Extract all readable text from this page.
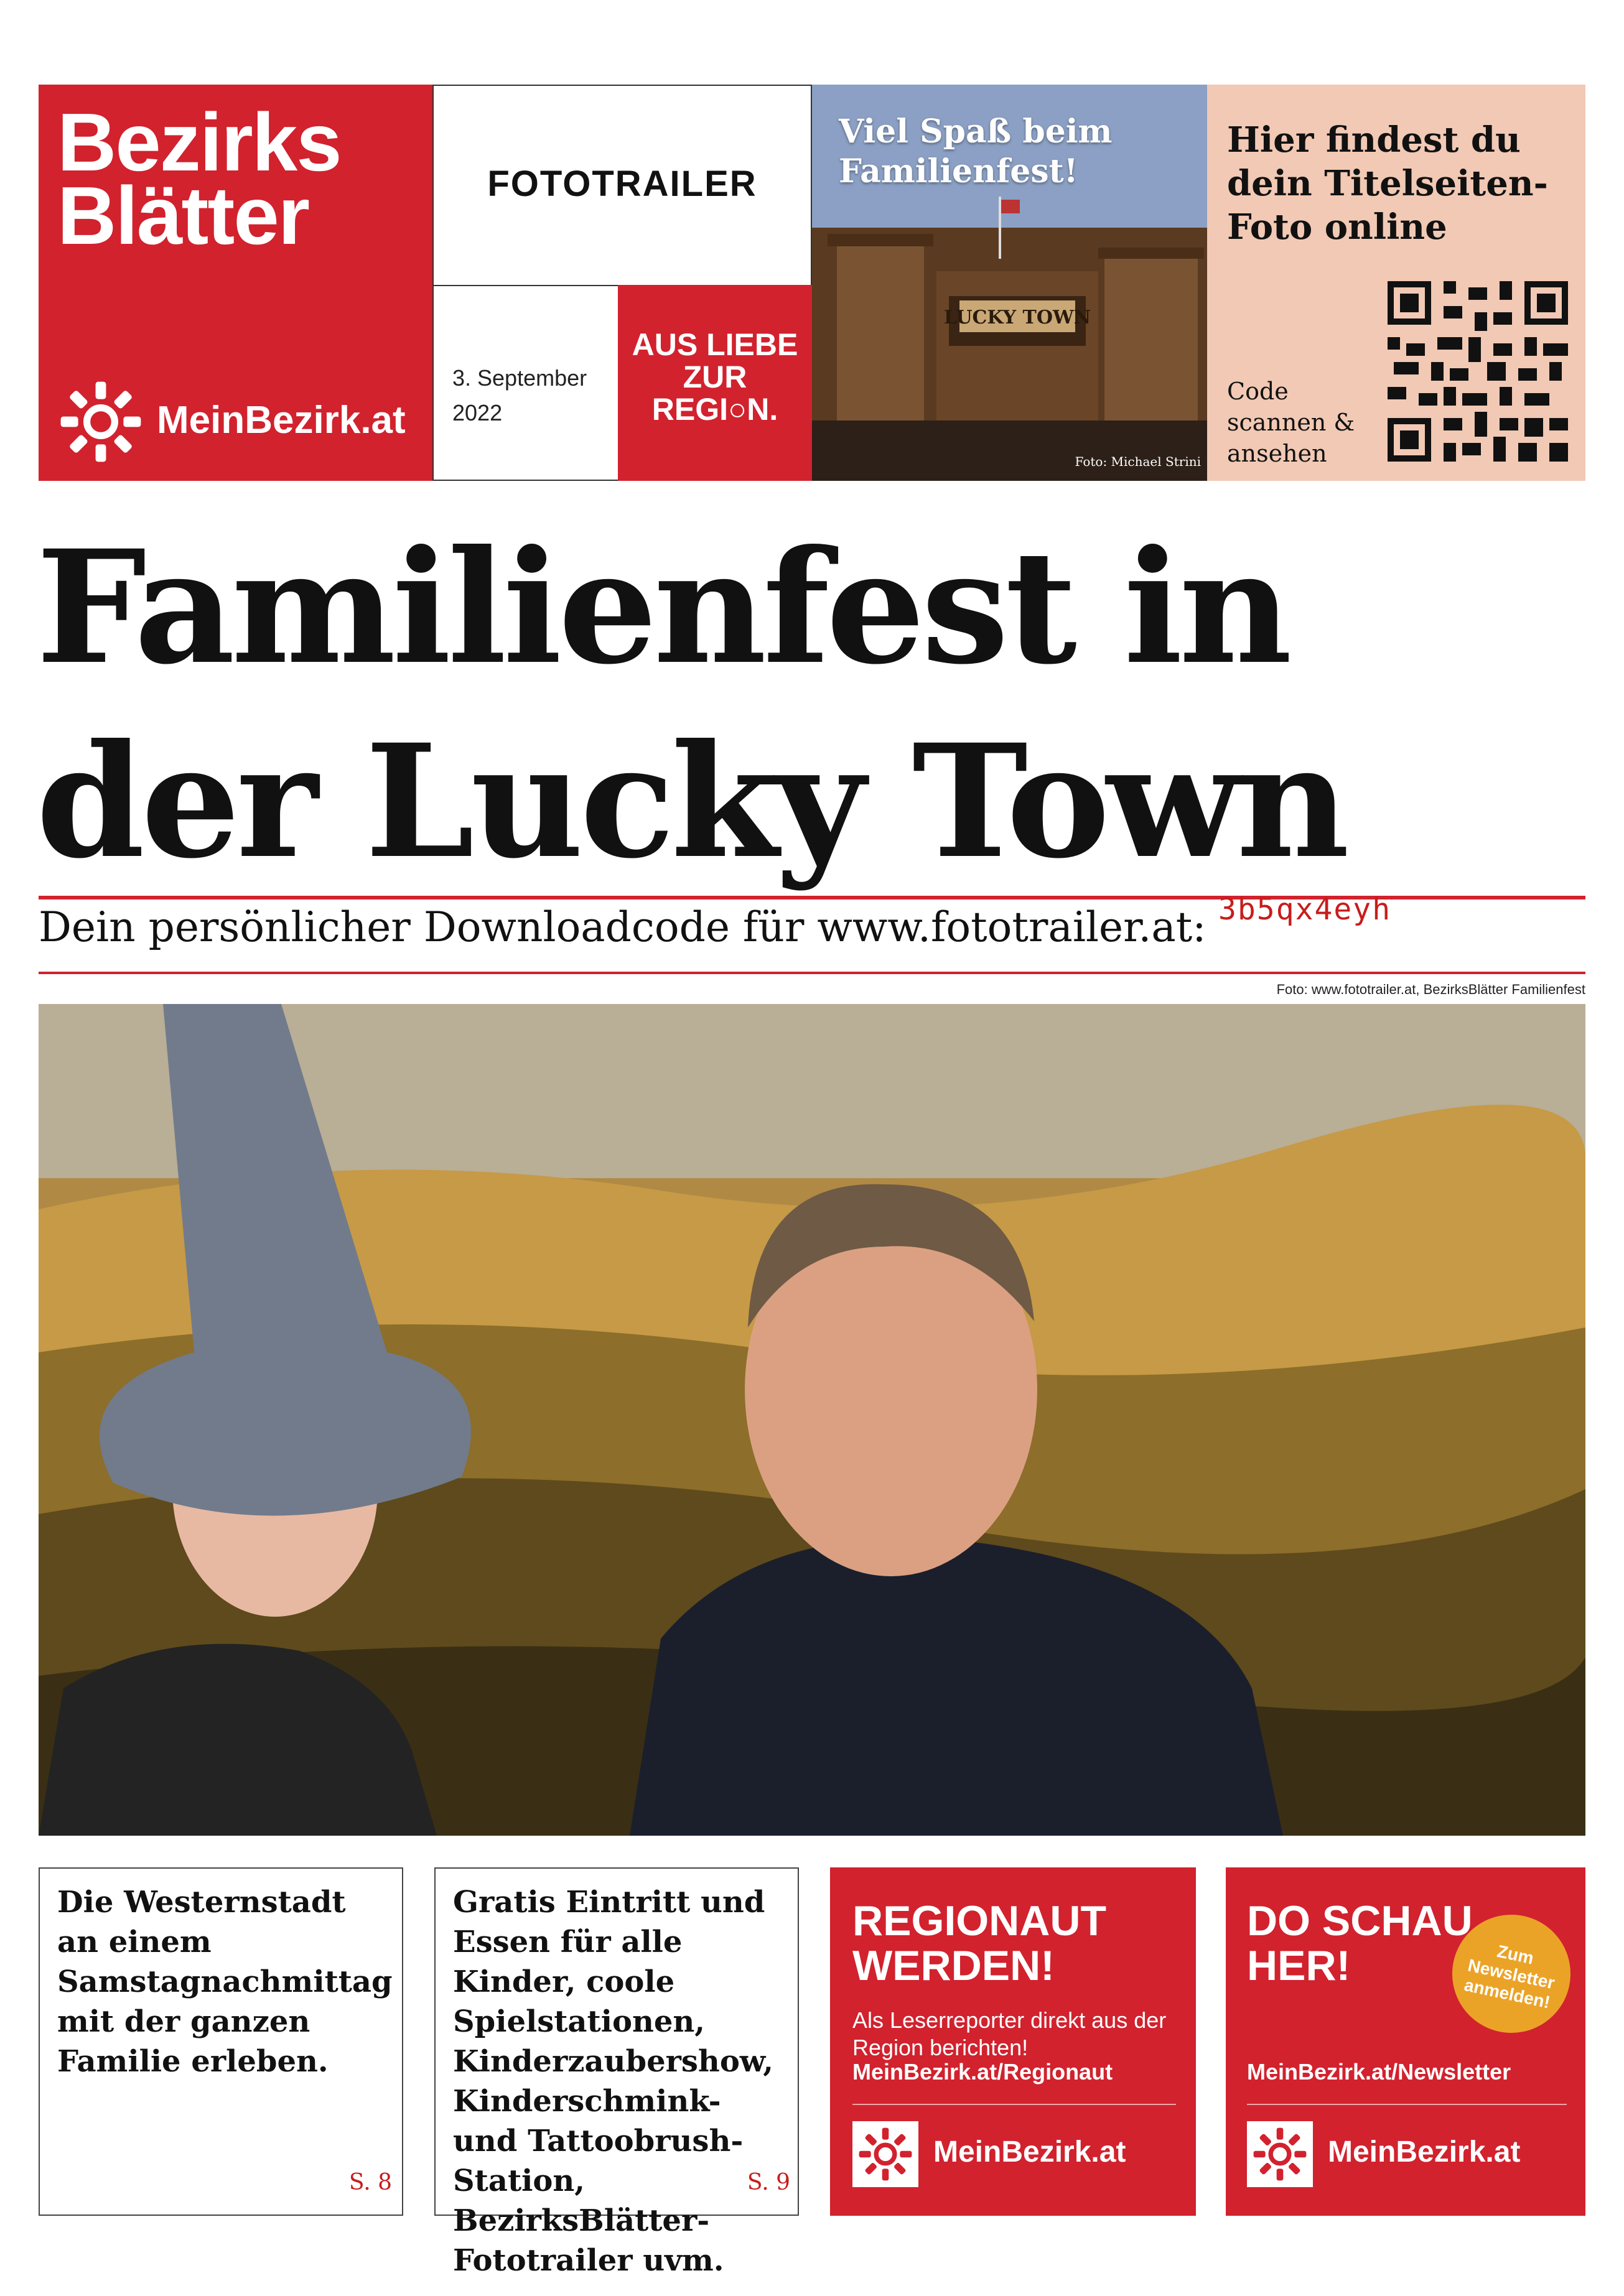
Bezirks Blätter
MeinBezirk.at
FOTOTRAILER
3. September 2022
AUS LIEBE ZUR REGI○N.
LUCKY TOWN
Viel Spaß beim Familienfest!
Foto: Michael Strini
Hier findest du dein Titelseiten-Foto online
Code scannen & ansehen
Familienfest in der Lucky Town
Dein persönlicher Downloadcode für www.fototrailer.at: 3b5qx4eyh
Foto: www.fototrailer.at, BezirksBlätter Familienfest
Die Westernstadt an einem Samstagnachmittag mit der ganzen Familie erleben.
S. 8
Gratis Eintritt und Essen für alle Kinder, coole Spielstationen, Kinderzaubershow, Kinderschmink- und Tattoobrush-Station, BezirksBlätter-Fototrailer uvm.
S. 9
REGIONAUT WERDEN!
Als Leserreporter direkt aus der Region berichten!
MeinBezirk.at/Regionaut
MeinBezirk.at
DO SCHAU HER!	Zum Newsletter anmelden!
MeinBezirk.at/Newsletter
MeinBezirk.at
